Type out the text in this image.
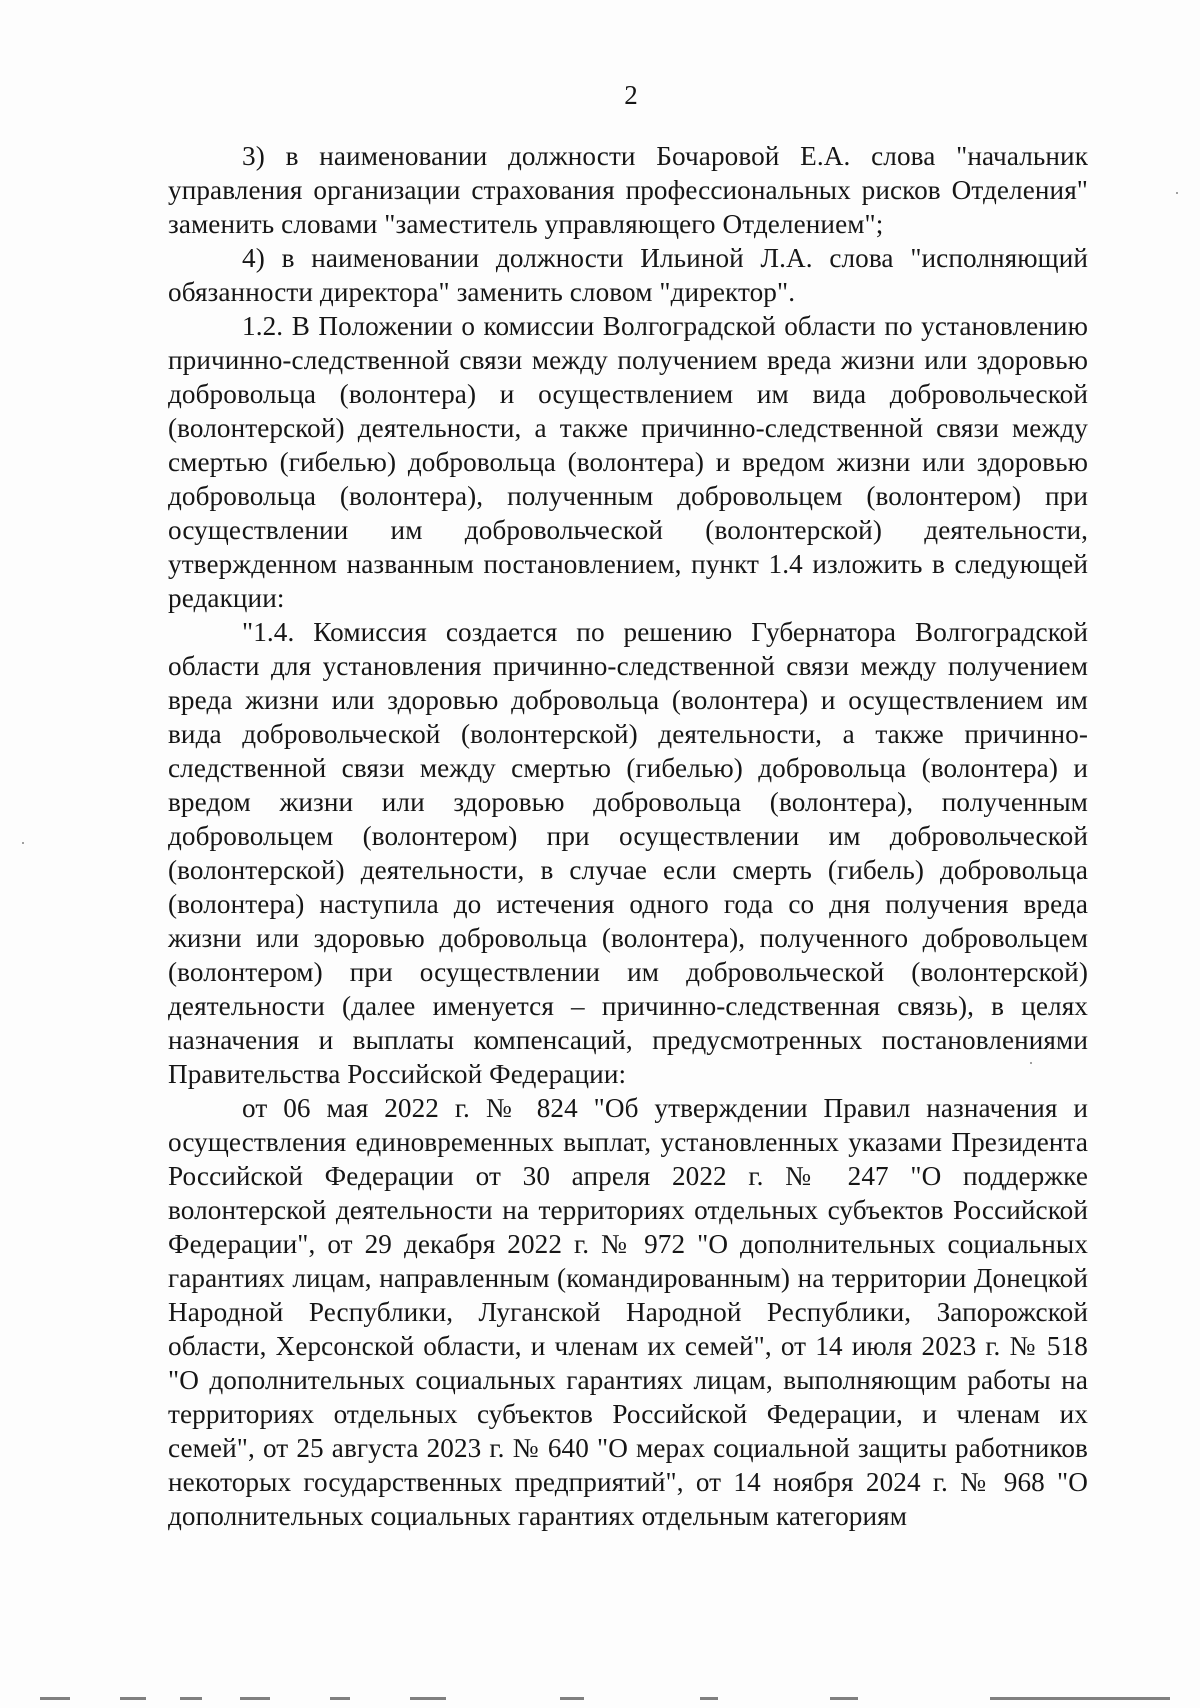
2

3) в наименовании должности Бочаровой Е.А. слова "начальник управления организации страхования профессиональных рисков Отделения" заменить словами "заместитель управляющего Отделением";

4) в наименовании должности Ильиной Л.А. слова "исполняющий обязанности директора" заменить словом "директор".

1.2. В Положении о комиссии Волгоградской области по установлению причинно-следственной связи между получением вреда жизни или здоровью добровольца (волонтера) и осуществлением им вида добровольческой (волонтерской) деятельности, а также причинно-следственной связи между смертью (гибелью) добровольца (волонтера) и вредом жизни или здоровью добровольца (волонтера), полученным добровольцем (волонтером) при осуществлении им добровольческой (волонтерской) деятельности, утвержденном названным постановлением, пункт 1.4 изложить в следующей редакции:

"1.4. Комиссия создается по решению Губернатора Волгоградской области для установления причинно-следственной связи между получением вреда жизни или здоровью добровольца (волонтера) и осуществлением им вида добровольческой (волонтерской) деятельности, а также причинно-следственной связи между смертью (гибелью) добровольца (волонтера) и вредом жизни или здоровью добровольца (волонтера), полученным добровольцем (волонтером) при осуществлении им добровольческой (волонтерской) деятельности, в случае если смерть (гибель) добровольца (волонтера) наступила до истечения одного года со дня получения вреда жизни или здоровью добровольца (волонтера), полученного добровольцем (волонтером) при осуществлении им добровольческой (волонтерской) деятельности (далее именуется – причинно-следственная связь), в целях назначения и выплаты компенсаций, предусмотренных постановлениями Правительства Российской Федерации:

от 06 мая 2022 г. № 824 "Об утверждении Правил назначения и осуществления единовременных выплат, установленных указами Президента Российской Федерации от 30 апреля 2022 г. № 247 "О поддержке волонтерской деятельности на территориях отдельных субъектов Российской Федерации", от 29 декабря 2022 г. № 972 "О дополнительных социальных гарантиях лицам, направленным (командированным) на территории Донецкой Народной Республики, Луганской Народной Республики, Запорожской области, Херсонской области, и членам их семей", от 14 июля 2023 г. № 518 "О дополнительных социальных гарантиях лицам, выполняющим работы на территориях отдельных субъектов Российской Федерации, и членам их семей", от 25 августа 2023 г. № 640 "О мерах социальной защиты работников некоторых государственных предприятий", от 14 ноября 2024 г. № 968 "О дополнительных социальных гарантиях отдельным категориям
